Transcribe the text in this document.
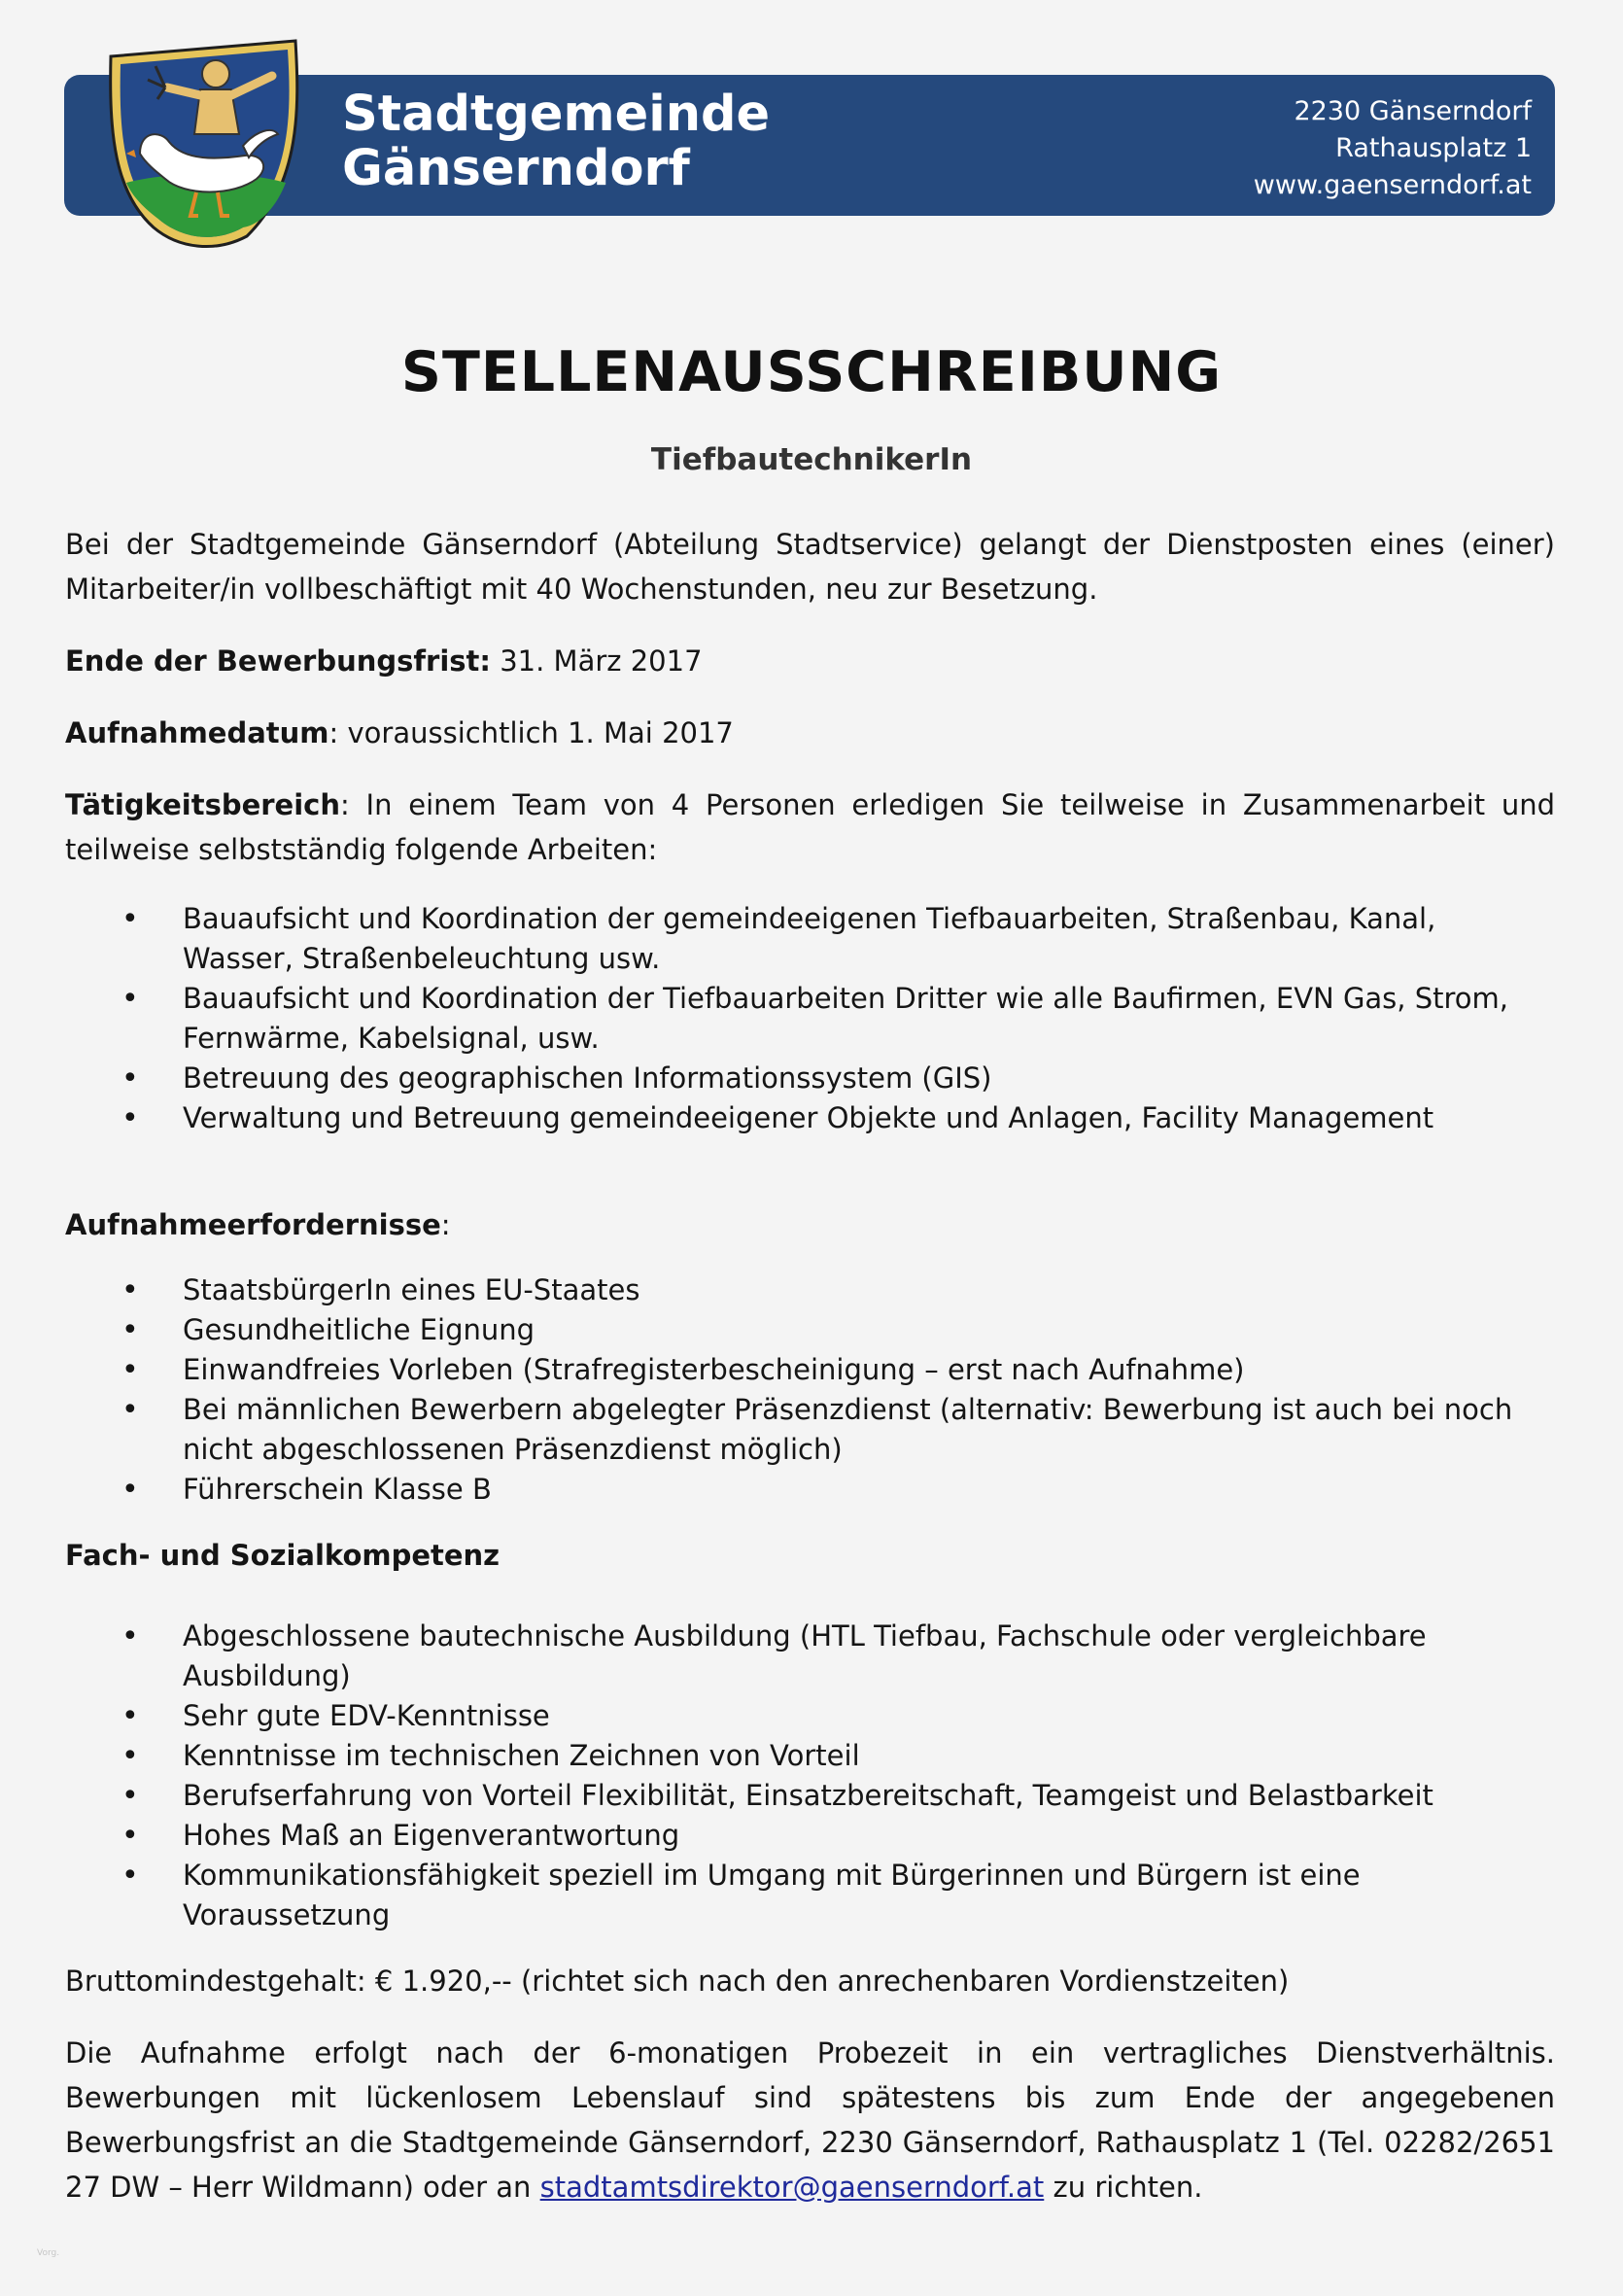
Stadtgemeinde
Gänserndorf
2230 Gänserndorf
Rathausplatz 1
www.gaenserndorf.at
STELLENAUSSCHREIBUNG
TiefbautechnikerIn

Bei der Stadtgemeinde Gänserndorf (Abteilung Stadtservice) gelangt der Dienstposten eines (einer) Mitarbeiter/in vollbeschäftigt mit 40 Wochenstunden, neu zur Besetzung.

Ende der Bewerbungsfrist: 31. März 2017

Aufnahmedatum: voraussichtlich 1. Mai 2017

Tätigkeitsbereich: In einem Team von 4 Personen erledigen Sie teilweise in Zusammenarbeit und teilweise selbstständig folgende Arbeiten:

• Bauaufsicht und Koordination der gemeindeeigenen Tiefbauarbeiten, Straßenbau, Kanal, Wasser, Straßenbeleuchtung usw.
• Bauaufsicht und Koordination der Tiefbauarbeiten Dritter wie alle Baufirmen, EVN Gas, Strom, Fernwärme, Kabelsignal, usw.
• Betreuung des geographischen Informationssystem (GIS)
• Verwaltung und Betreuung gemeindeeigener Objekte und Anlagen, Facility Management

Aufnahmeerfordernisse:

• StaatsbürgerIn eines EU-Staates
• Gesundheitliche Eignung
• Einwandfreies Vorleben (Strafregisterbescheinigung – erst nach Aufnahme)
• Bei männlichen Bewerbern abgelegter Präsenzdienst (alternativ: Bewerbung ist auch bei noch nicht abgeschlossenen Präsenzdienst möglich)
• Führerschein Klasse B

Fach- und Sozialkompetenz

• Abgeschlossene bautechnische Ausbildung (HTL Tiefbau, Fachschule oder vergleichbare Ausbildung)
• Sehr gute EDV-Kenntnisse
• Kenntnisse im technischen Zeichnen von Vorteil
• Berufserfahrung von Vorteil Flexibilität, Einsatzbereitschaft, Teamgeist und Belastbarkeit
• Hohes Maß an Eigenverantwortung
• Kommunikationsfähigkeit speziell im Umgang mit Bürgerinnen und Bürgern ist eine Voraussetzung

Bruttomindestgehalt: € 1.920,-- (richtet sich nach den anrechenbaren Vordienstzeiten)

Die Aufnahme erfolgt nach der 6-monatigen Probezeit in ein vertragliches Dienstverhältnis. Bewerbungen mit lückenlosem Lebenslauf sind spätestens bis zum Ende der angegebenen Bewerbungsfrist an die Stadtgemeinde Gänserndorf, 2230 Gänserndorf, Rathausplatz 1 (Tel. 02282/2651 27 DW – Herr Wildmann) oder an stadtamtsdirektor@gaenserndorf.at zu richten.

Vorg.
